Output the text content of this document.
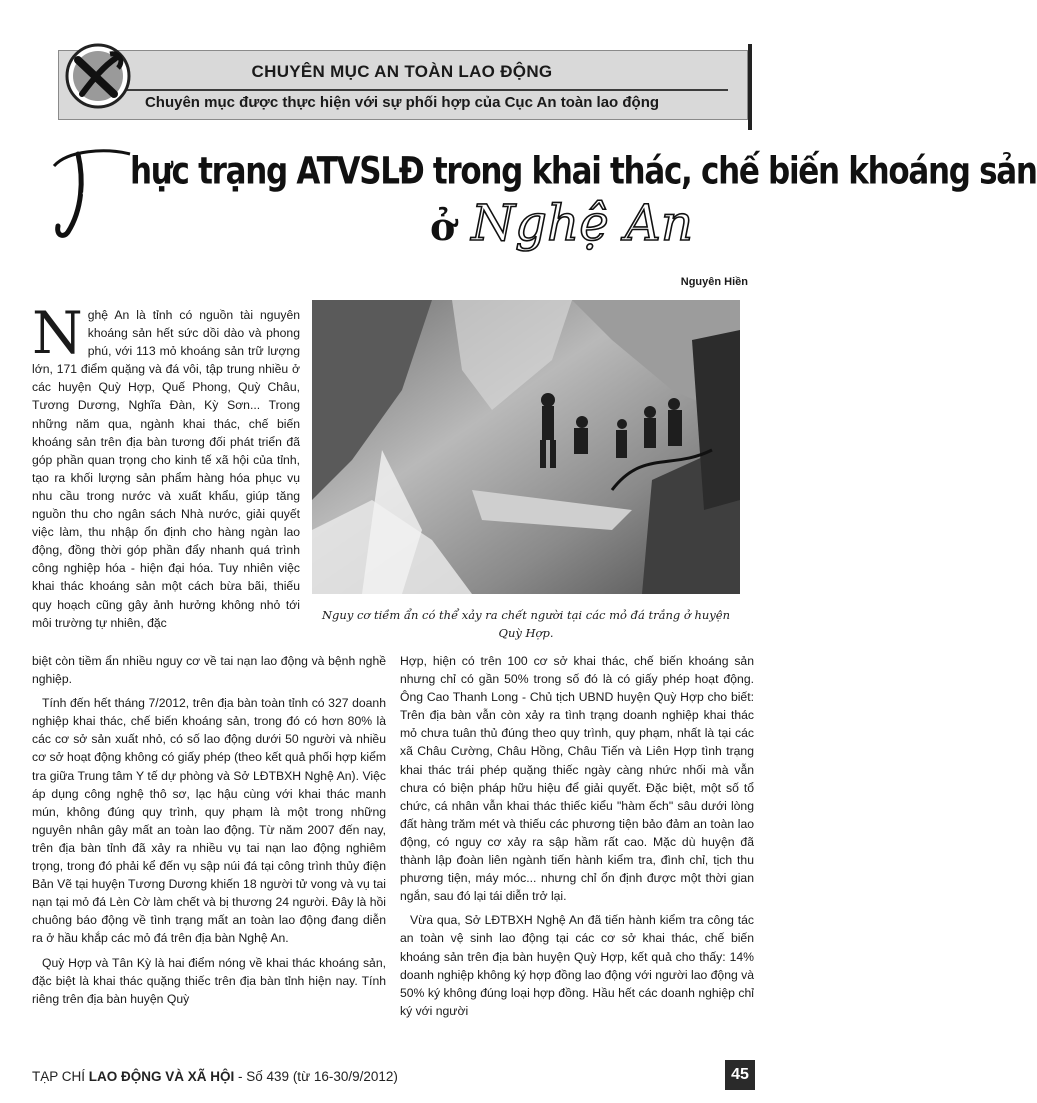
CHUYÊN MỤC AN TOÀN LAO ĐỘNG
Chuyên mục được thực hiện với sự phối hợp của Cục An toàn lao động
T
hực trạng ATVSLĐ trong khai thác, chế biến khoáng sản
ở Nghệ An
Nguyên Hiền

Nghệ An là tỉnh có nguồn tài nguyên khoáng sản hết sức dồi dào và phong phú, với 113 mỏ khoáng sản trữ lượng lớn, 171 điểm quặng và đá vôi, tập trung nhiều ở các huyện Quỳ Hợp, Quế Phong, Quỳ Châu, Tương Dương, Nghĩa Đàn, Kỳ Sơn... Trong những năm qua, ngành khai thác, chế biến khoáng sản trên địa bàn tương đối phát triển đã góp phần quan trọng cho kinh tế xã hội của tỉnh, tạo ra khối lượng sản phẩm hàng hóa phục vụ nhu cầu trong nước và xuất khẩu, giúp tăng nguồn thu cho ngân sách Nhà nước, giải quyết việc làm, thu nhập ổn định cho hàng ngàn lao động, đồng thời góp phần đẩy nhanh quá trình công nghiệp hóa - hiện đại hóa. Tuy nhiên việc khai thác khoáng sản một cách bừa bãi, thiếu quy hoạch cũng gây ảnh hưởng không nhỏ tới môi trường tự nhiên, đặc

Nguy cơ tiềm ẩn có thể xảy ra chết người tại các mỏ đá trắng ở huyện Quỳ Hợp.

biệt còn tiềm ẩn nhiều nguy cơ về tai nạn lao động và bệnh nghề nghiệp.

Tính đến hết tháng 7/2012, trên địa bàn toàn tỉnh có 327 doanh nghiệp khai thác, chế biến khoáng sản, trong đó có hơn 80% là các cơ sở sản xuất nhỏ, có số lao động dưới 50 người và nhiều cơ sở hoạt động không có giấy phép (theo kết quả phối hợp kiểm tra giữa Trung tâm Y tế dự phòng và Sở LĐTBXH Nghệ An). Việc áp dụng công nghệ thô sơ, lạc hậu cùng với khai thác manh mún, không đúng quy trình, quy phạm là một trong những nguyên nhân gây mất an toàn lao động. Từ năm 2007 đến nay, trên địa bàn tỉnh đã xảy ra nhiều vụ tai nạn lao động nghiêm trọng, trong đó phải kể đến vụ sập núi đá tại công trình thủy điện Bản Vẽ tại huyện Tương Dương khiến 18 người tử vong và vụ tai nạn tại mỏ đá Lèn Cờ làm chết và bị thương 24 người. Đây là hồi chuông báo động về tình trạng mất an toàn lao động đang diễn ra ở hầu khắp các mỏ đá trên địa bàn Nghệ An.

Quỳ Hợp và Tân Kỳ là hai điểm nóng về khai thác khoáng sản, đặc biệt là khai thác quặng thiếc trên địa bàn tỉnh hiện nay. Tính riêng trên địa bàn huyện Quỳ

Hợp, hiện có trên 100 cơ sở khai thác, chế biến khoáng sản nhưng chỉ có gần 50% trong số đó là có giấy phép hoạt động. Ông Cao Thanh Long - Chủ tịch UBND huyện Quỳ Hợp cho biết: Trên địa bàn vẫn còn xảy ra tình trạng doanh nghiệp khai thác mỏ chưa tuân thủ đúng theo quy trình, quy phạm, nhất là tại các xã Châu Cường, Châu Hồng, Châu Tiến và Liên Hợp tình trạng khai thác trái phép quặng thiếc ngày càng nhức nhối mà vẫn chưa có biện pháp hữu hiệu để giải quyết. Đặc biệt, một số tổ chức, cá nhân vẫn khai thác thiếc kiểu "hàm ếch" sâu dưới lòng đất hàng trăm mét và thiếu các phương tiện bảo đảm an toàn lao động, có nguy cơ xảy ra sập hầm rất cao. Mặc dù huyện đã thành lập đoàn liên ngành tiến hành kiểm tra, đình chỉ, tịch thu phương tiện, máy móc... nhưng chỉ ổn định được một thời gian ngắn, sau đó lại tái diễn trở lại.

Vừa qua, Sở LĐTBXH Nghệ An đã tiến hành kiểm tra công tác an toàn vệ sinh lao động tại các cơ sở khai thác, chế biến khoáng sản trên địa bàn huyện Quỳ Hợp, kết quả cho thấy: 14% doanh nghiệp không ký hợp đồng lao động với người lao động và 50% ký không đúng loại hợp đồng. Hầu hết các doanh nghiệp chỉ ký với người

TẠP CHÍ LAO ĐỘNG VÀ XÃ HỘI - Số 439 (từ 16-30/9/2012)	45
